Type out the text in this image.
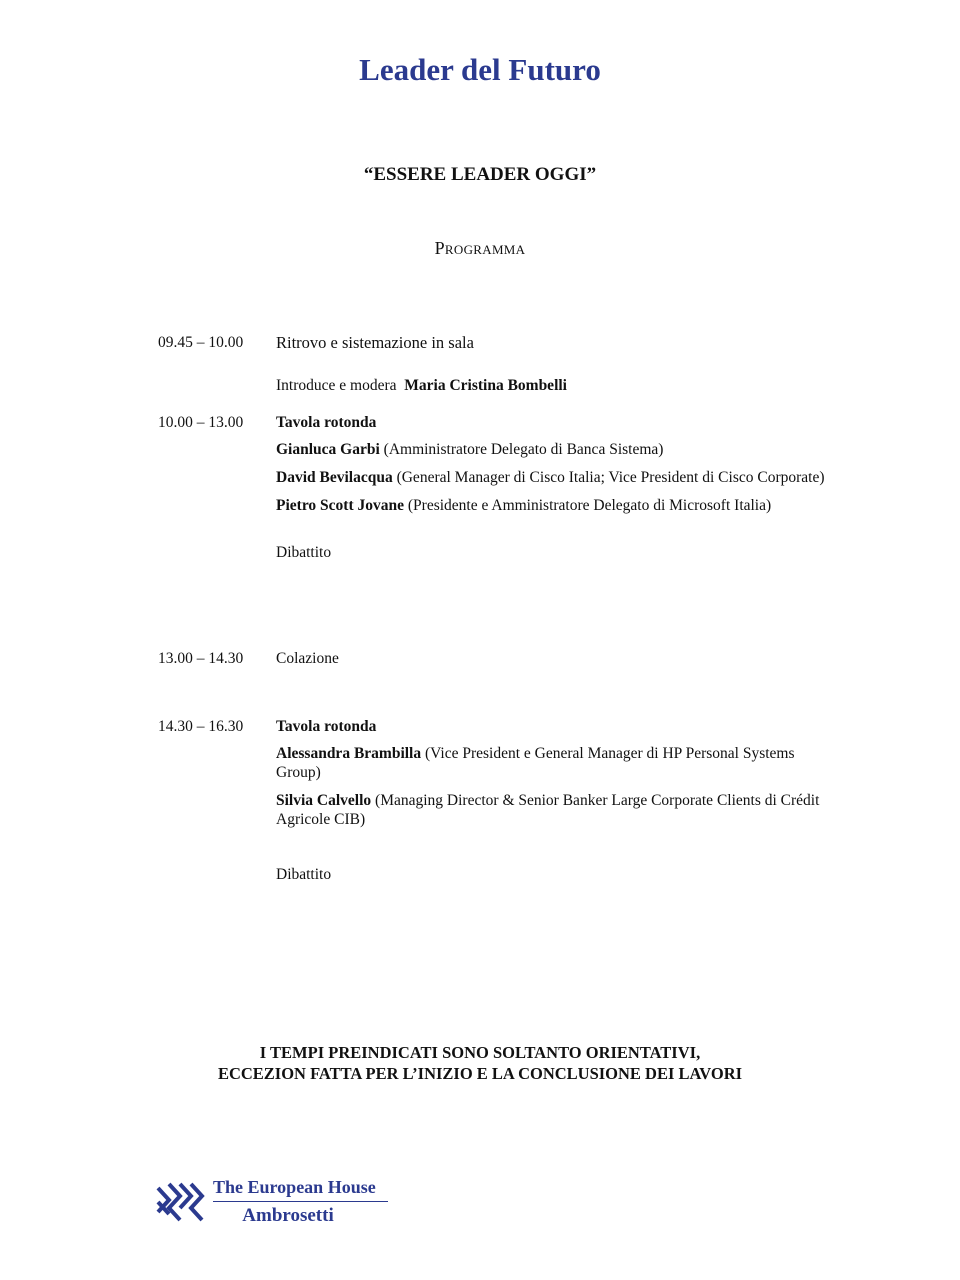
Leader del Futuro
“ESSERE LEADER OGGI”
Programma
09.45 – 10.00	Ritrovo e sistemazione in sala
Introduce e modera Maria Cristina Bombelli
10.00 – 13.00	Tavola rotonda
Gianluca Garbi (Amministratore Delegato di Banca Sistema)
David Bevilacqua (General Manager di Cisco Italia; Vice President di Cisco Corporate)
Pietro Scott Jovane (Presidente e Amministratore Delegato di Microsoft Italia)
Dibattito
13.00 – 14.30	Colazione
14.30 – 16.30	Tavola rotonda
Alessandra Brambilla (Vice President e General Manager di HP Personal Systems Group)
Silvia Calvello (Managing Director & Senior Banker Large Corporate Clients di Crédit Agricole CIB)
Dibattito
I TEMPI PREINDICATI SONO SOLTANTO ORIENTATIVI,
ECCEZION FATTA PER L’INIZIO E LA CONCLUSIONE DEI LAVORI
The European House
Ambrosetti
